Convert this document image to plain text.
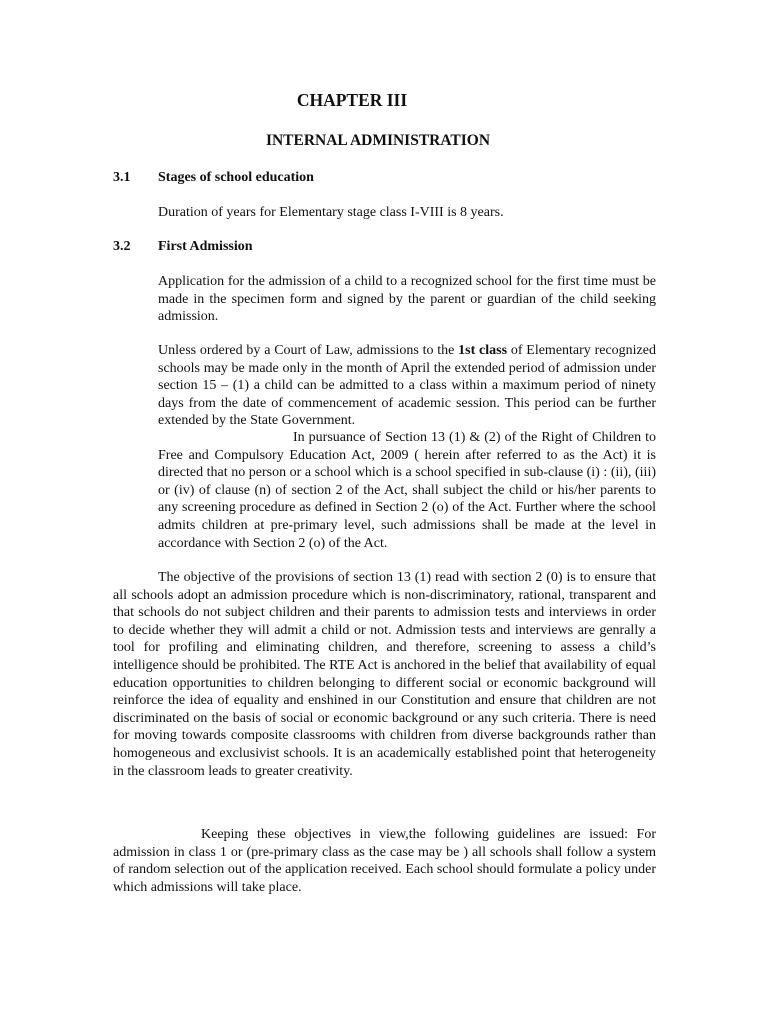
CHAPTER III
INTERNAL ADMINISTRATION
3.1 Stages of school education

Duration of years for Elementary stage class I-VIII is 8 years.

3.2 First Admission

Application for the admission of a child to a recognized school for the first time must be made in the specimen form and signed by the parent or guardian of the child seeking admission.

Unless ordered by a Court of Law, admissions to the 1st class of Elementary recognized schools may be made only in the month of April the extended period of admission under section 15 – (1) a child can be admitted to a class within a maximum period of ninety days from the date of commencement of academic session. This period can be further extended by the State Government.

In pursuance of Section 13 (1) & (2) of the Right of Children to Free and Compulsory Education Act, 2009 ( herein after referred to as the Act) it is directed that no person or a school which is a school specified in sub-clause (i) : (ii), (iii) or (iv) of clause (n) of section 2 of the Act, shall subject the child or his/her parents to any screening procedure as defined in Section 2 (o) of the Act. Further where the school admits children at pre-primary level, such admissions shall be made at the level in accordance with Section 2 (o) of the Act.

The objective of the provisions of section 13 (1) read with section 2 (0) is to ensure that all schools adopt an admission procedure which is non-discriminatory, rational, transparent and that schools do not subject children and their parents to admission tests and interviews in order to decide whether they will admit a child or not. Admission tests and interviews are genrally a tool for profiling and eliminating children, and therefore, screening to assess a child’s intelligence should be prohibited. The RTE Act is anchored in the belief that availability of equal education opportunities to children belonging to different social or economic background will reinforce the idea of equality and enshined in our Constitution and ensure that children are not discriminated on the basis of social or economic background or any such criteria. There is need for moving towards composite classrooms with children from diverse backgrounds rather than homogeneous and exclusivist schools. It is an academically established point that heterogeneity in the classroom leads to greater creativity.

Keeping these objectives in view,the following guidelines are issued: For admission in class 1 or (pre-primary class as the case may be ) all schools shall follow a system of random selection out of the application received. Each school should formulate a policy under which admissions will take place.
